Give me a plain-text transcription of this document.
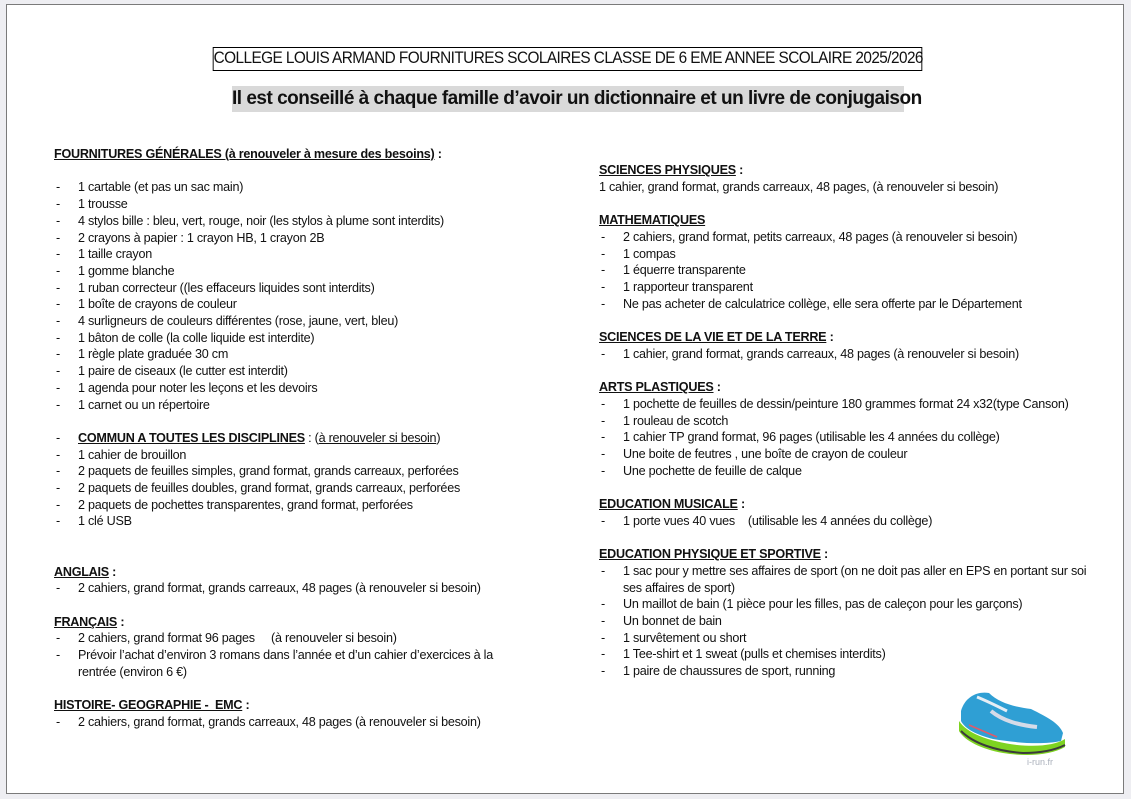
COLLEGE LOUIS ARMAND FOURNITURES SCOLAIRES CLASSE DE 6 EME ANNEE SCOLAIRE 2025/2026
Il est conseillé à chaque famille d’avoir un dictionnaire et un livre de conjugaison
FOURNITURES GÉNÉRALES (à renouveler à mesure des besoins) :
- 1 cartable (et pas un sac main)
- 1 trousse
- 4 stylos bille : bleu, vert, rouge, noir (les stylos à plume sont interdits)
- 2 crayons à papier : 1 crayon HB, 1 crayon 2B
- 1 taille crayon
- 1 gomme blanche
- 1 ruban correcteur ((les effaceurs liquides sont interdits)
- 1 boîte de crayons de couleur
- 4 surligneurs de couleurs différentes (rose, jaune, vert, bleu)
- 1 bâton de colle (la colle liquide est interdite)
- 1 règle plate graduée 30 cm
- 1 paire de ciseaux (le cutter est interdit)
- 1 agenda pour noter les leçons et les devoirs
- 1 carnet ou un répertoire
- COMMUN A TOUTES LES DISCIPLINES : (à renouveler si besoin)
- 1 cahier de brouillon
- 2 paquets de feuilles simples, grand format, grands carreaux, perforées
- 2 paquets de feuilles doubles, grand format, grands carreaux, perforées
- 2 paquets de pochettes transparentes, grand format, perforées
- 1 clé USB
ANGLAIS :
- 2 cahiers, grand format, grands carreaux, 48 pages (à renouveler si besoin)
FRANÇAIS :
- 2 cahiers, grand format 96 pages     (à renouveler si besoin)
- Prévoir l’achat d’environ 3 romans dans l’année et d’un cahier d’exercices à la rentrée (environ 6 €)
HISTOIRE- GEOGRAPHIE -  EMC :
- 2 cahiers, grand format, grands carreaux, 48 pages (à renouveler si besoin)
SCIENCES PHYSIQUES :
1 cahier, grand format, grands carreaux, 48 pages, (à renouveler si besoin)
MATHEMATIQUES
- 2 cahiers, grand format, petits carreaux, 48 pages (à renouveler si besoin)
- 1 compas
- 1 équerre transparente
- 1 rapporteur transparent
- Ne pas acheter de calculatrice collège, elle sera offerte par le Département
SCIENCES DE LA VIE ET DE LA TERRE :
- 1 cahier, grand format, grands carreaux, 48 pages (à renouveler si besoin)
ARTS PLASTIQUES :
- 1 pochette de feuilles de dessin/peinture 180 grammes format 24 x32(type Canson)
- 1 rouleau de scotch
- 1 cahier TP grand format, 96 pages (utilisable les 4 années du collège)
- Une boite de feutres , une boîte de crayon de couleur
- Une pochette de feuille de calque
EDUCATION MUSICALE :
- 1 porte vues 40 vues    (utilisable les 4 années du collège)
EDUCATION PHYSIQUE ET SPORTIVE :
- 1 sac pour y mettre ses affaires de sport (on ne doit pas aller en EPS en portant sur soi ses affaires de sport)
- Un maillot de bain (1 pièce pour les filles, pas de caleçon pour les garçons)
- Un bonnet de bain
- 1 survêtement ou short
- 1 Tee-shirt et 1 sweat (pulls et chemises interdits)
- 1 paire de chaussures de sport, running
i-run.fr
